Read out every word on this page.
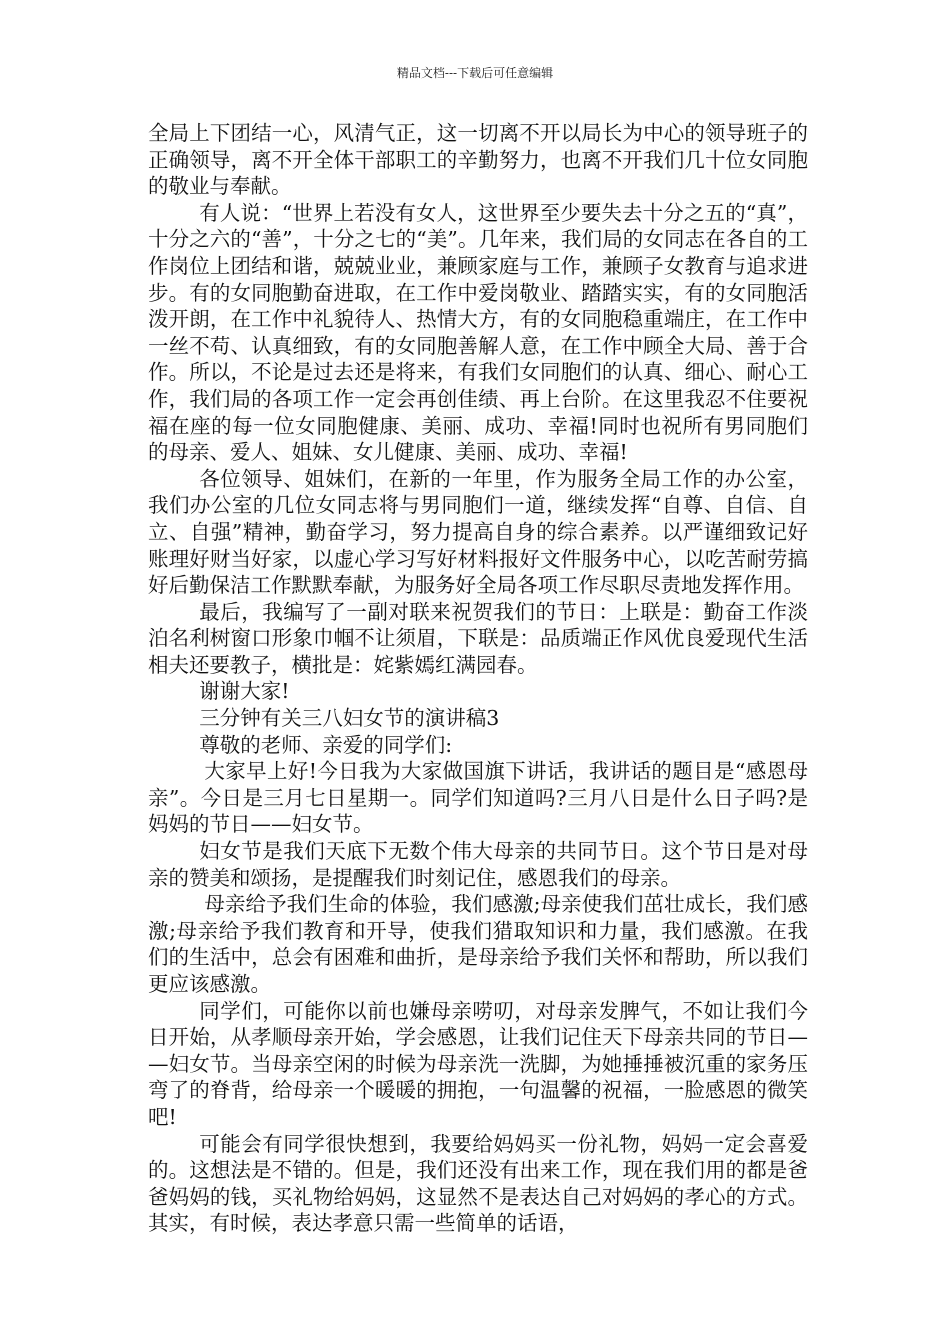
精品文档---下载后可任意编辑

全局上下团结一心，风清气正，这一切离不开以局长为中心的领导班子的正确领导，离不开全体干部职工的辛勤努力，也离不开我们几十位女同胞的敬业与奉献。

有人说：“世界上若没有女人，这世界至少要失去十分之五的“真”，十分之六的“善”，十分之七的“美”。几年来，我们局的女同志在各自的工作岗位上团结和谐，兢兢业业，兼顾家庭与工作，兼顾子女教育与追求进步。有的女同胞勤奋进取，在工作中爱岗敬业、踏踏实实，有的女同胞活泼开朗，在工作中礼貌待人、热情大方，有的女同胞稳重端庄，在工作中一丝不苟、认真细致，有的女同胞善解人意，在工作中顾全大局、善于合作。所以，不论是过去还是将来，有我们女同胞们的认真、细心、耐心工作，我们局的各项工作一定会再创佳绩、再上台阶。在这里我忍不住要祝福在座的每一位女同胞健康、美丽、成功、幸福!同时也祝所有男同胞们的母亲、爱人、姐妹、女儿健康、美丽、成功、幸福!

各位领导、姐妹们，在新的一年里，作为服务全局工作的办公室，我们办公室的几位女同志将与男同胞们一道，继续发挥“自尊、自信、自立、自强”精神，勤奋学习，努力提高自身的综合素养。以严谨细致记好账理好财当好家，以虚心学习写好材料报好文件服务中心，以吃苦耐劳搞好后勤保洁工作默默奉献，为服务好全局各项工作尽职尽责地发挥作用。

最后，我编写了一副对联来祝贺我们的节日：上联是：勤奋工作淡泊名利树窗口形象巾帼不让须眉，下联是：品质端正作风优良爱现代生活相夫还要教子，横批是：姹紫嫣红满园春。

谢谢大家!

三分钟有关三八妇女节的演讲稿3

尊敬的老师、亲爱的同学们:

大家早上好!今日我为大家做国旗下讲话，我讲话的题目是“感恩母亲”。今日是三月七日星期一。同学们知道吗?三月八日是什么日子吗?是妈妈的节日——妇女节。

妇女节是我们天底下无数个伟大母亲的共同节日。这个节日是对母亲的赞美和颂扬，是提醒我们时刻记住，感恩我们的母亲。

母亲给予我们生命的体验，我们感激;母亲使我们茁壮成长，我们感激;母亲给予我们教育和开导，使我们猎取知识和力量，我们感激。在我们的生活中，总会有困难和曲折，是母亲给予我们关怀和帮助，所以我们更应该感激。

同学们，可能你以前也嫌母亲唠叨，对母亲发脾气，不如让我们今日开始，从孝顺母亲开始，学会感恩，让我们记住天下母亲共同的节日——妇女节。当母亲空闲的时候为母亲洗一洗脚，为她捶捶被沉重的家务压弯了的脊背，给母亲一个暖暖的拥抱，一句温馨的祝福，一脸感恩的微笑吧!

可能会有同学很快想到，我要给妈妈买一份礼物，妈妈一定会喜爱的。这想法是不错的。但是，我们还没有出来工作，现在我们用的都是爸爸妈妈的钱，买礼物给妈妈，这显然不是表达自己对妈妈的孝心的方式。其实，有时候，表达孝意只需一些简单的话语，
